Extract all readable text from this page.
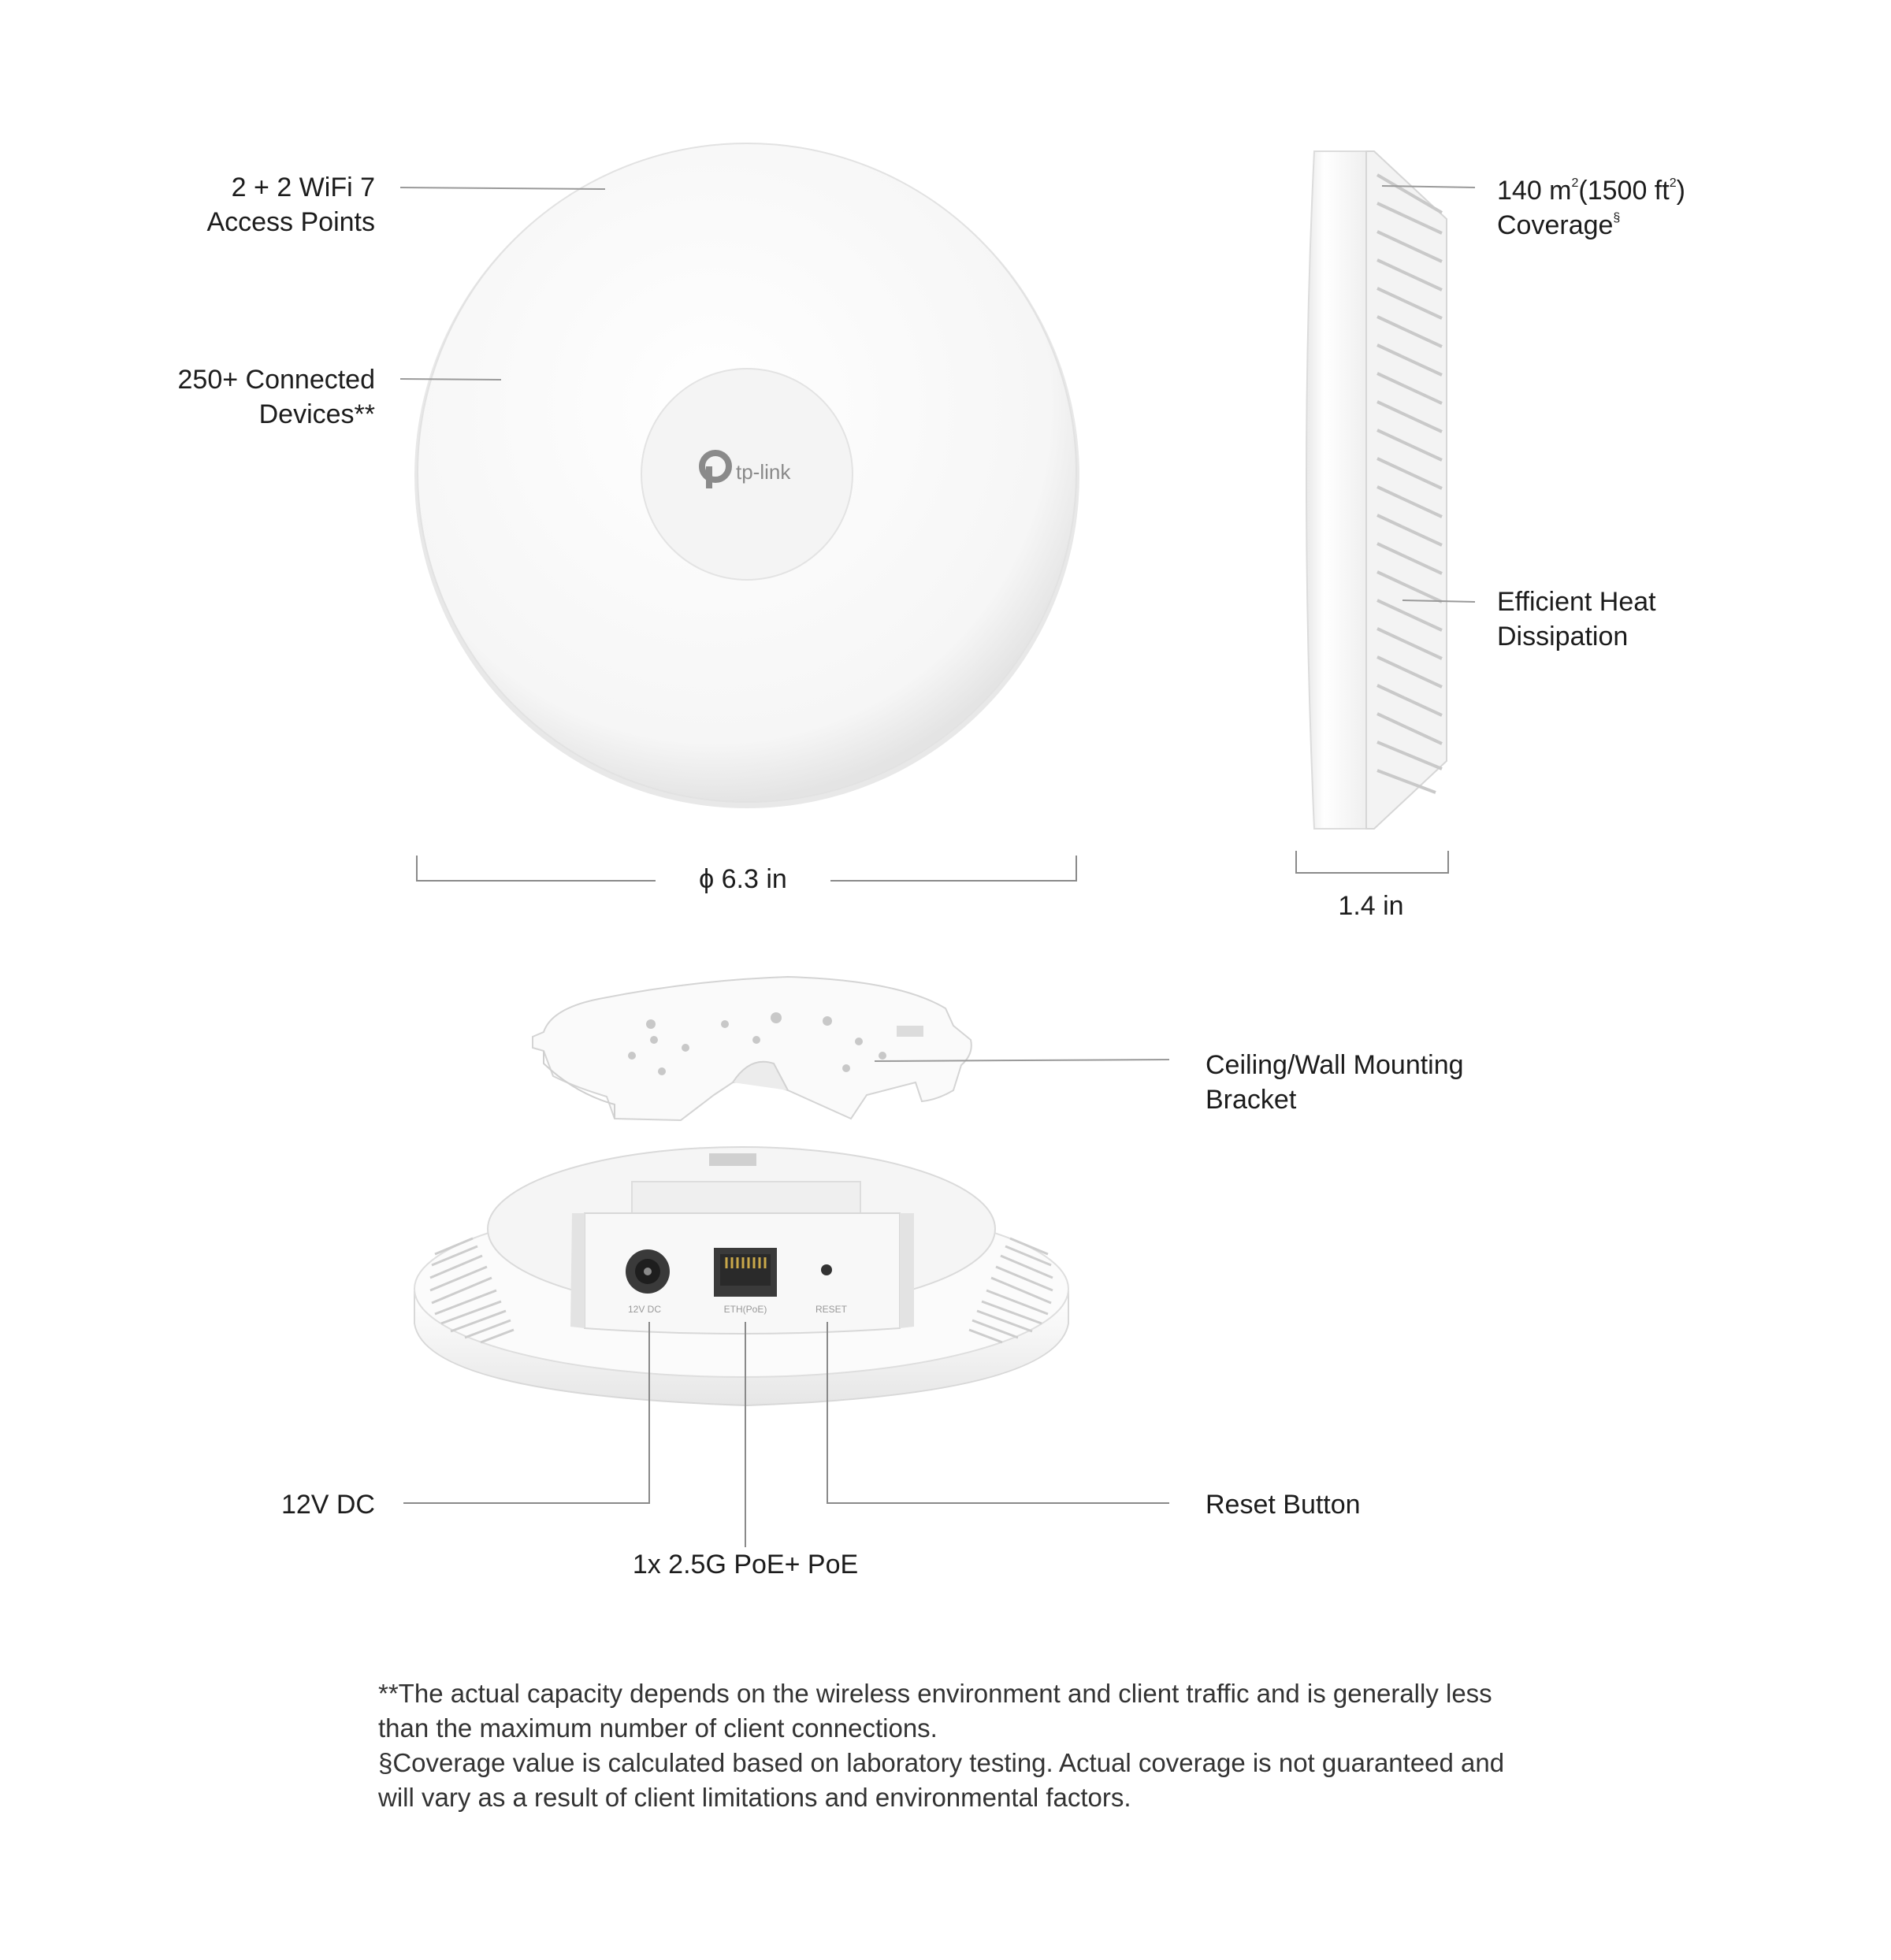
tp-link
12V DC	ETH(PoE)	RESET
2 + 2 WiFi 7
Access Points
250+ Connected
Devices**
140 $m^2(1500$ $ft^2$)
Coverage§
Efficient Heat
Dissipation
ϕ 6.3 in
1.4 in
Ceiling/Wall Mounting
Bracket
12V DC	Reset Button
1x 2.5G PoE+ PoE

**The actual capacity depends on the wireless environment and client traffic and is generally less than the maximum number of client connections.

§Coverage value is calculated based on laboratory testing. Actual coverage is not guaranteed and will vary as a result of client limitations and environmental factors.
